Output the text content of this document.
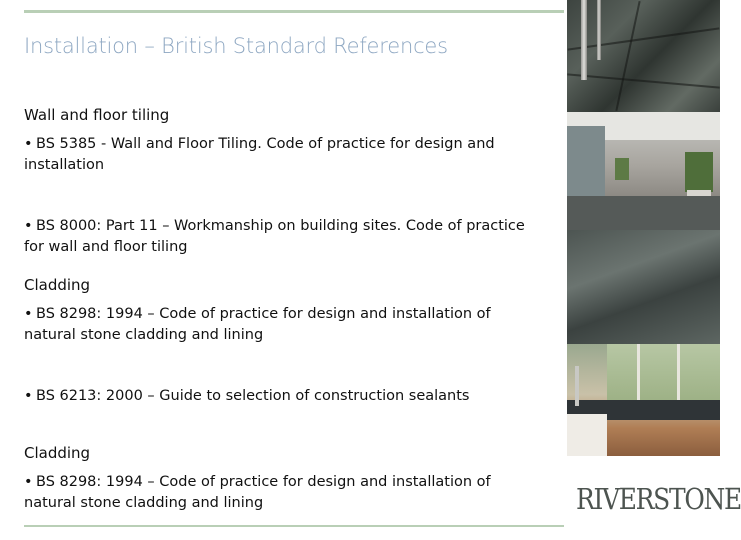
Installation – British Standard References
Wall and floor tiling
• BS 5385 - Wall and Floor Tiling. Code of practice for design and installation
• BS 8000: Part 11 – Workmanship on building sites. Code of practice for wall and floor tiling
Cladding
• BS 8298: 1994 – Code of practice for design and installation of natural stone cladding and lining
• BS 6213: 2000 – Guide to selection of construction sealants
Cladding
• BS 8298: 1994 – Code of practice for design and installation of natural stone cladding and lining	RIVERSTONE
